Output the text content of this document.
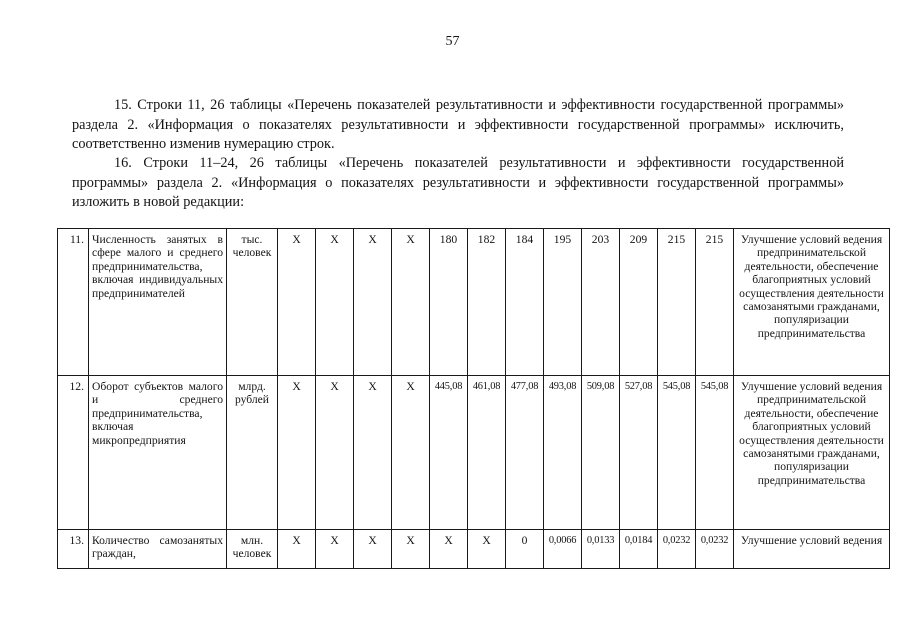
57
15. Строки 11, 26 таблицы «Перечень показателей результативности и эффективности государственной программы» раздела 2. «Информация о показателях результативности и эффективности государственной программы» исключить, соответственно изменив нумерацию строк.
16. Строки 11–24, 26 таблицы «Перечень показателей результативности и эффективности государственной программы» раздела 2. «Информация о показателях результативности и эффективности государственной программы» изложить в новой редакции:
11.	Численность занятых в сфере малого и среднего предпринимательства, включая индивидуальных предпринимателей	тыс. человек	Х	Х	Х	Х	180	182	184	195	203	209	215	215	Улучшение условий ведения предпринимательской деятельности, обеспечение благоприятных условий осуществления деятельности самозанятыми гражданами, популяризации предпринимательства
12.	Оборот субъектов малого и среднего предпринимательства, включая микропредприятия	млрд. рублей	Х	Х	Х	Х	445,08	461,08	477,08	493,08	509,08	527,08	545,08	545,08	Улучшение условий ведения предпринимательской деятельности, обеспечение благоприятных условий осуществления деятельности самозанятыми гражданами, популяризации предпринимательства
13.	Количество самозанятых граждан,	млн. человек	Х	Х	Х	Х	Х	Х	0	0,0066	0,0133	0,0184	0,0232	0,0232	Улучшение условий ведения
